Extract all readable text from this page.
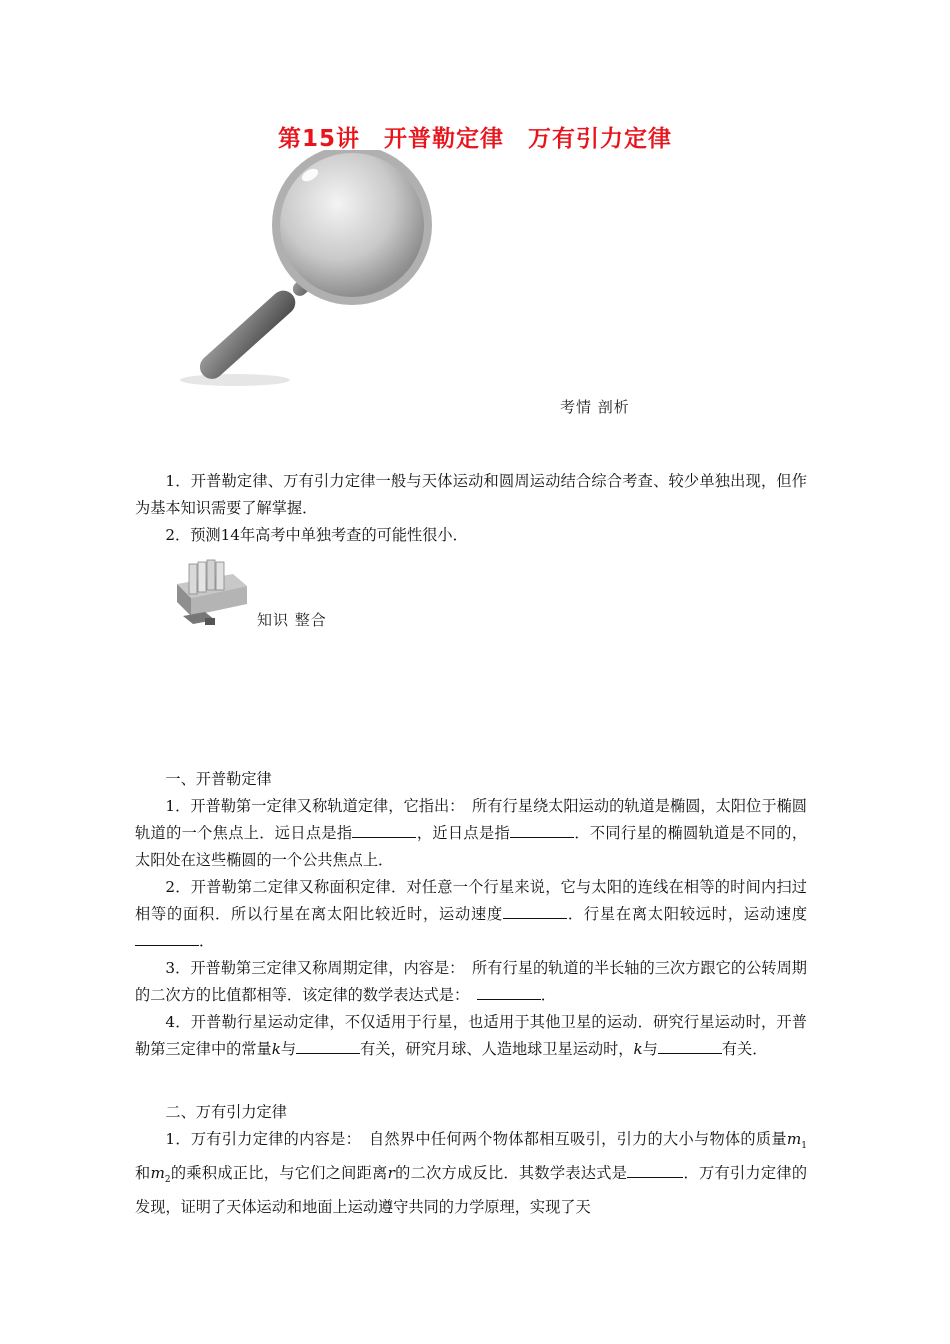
第15讲　开普勒定律　万有引力定律
考情 剖析

1．开普勒定律、万有引力定律一般与天体运动和圆周运动结合综合考查、较少单独出现，但作为基本知识需要了解掌握．

2．预测14年高考中单独考查的可能性很小．

知识 整合

一、开普勒定律

1．开普勒第一定律又称轨道定律，它指出：　所有行星绕太阳运动的轨道是椭圆，太阳位于椭圆轨道的一个焦点上．远日点是指	，近日点是指	．不同行星的椭圆轨道是不同的，太阳处在这些椭圆的一个公共焦点上．

2．开普勒第二定律又称面积定律．对任意一个行星来说，它与太阳的连线在相等的时间内扫过相等的面积．所以行星在离太阳比较近时，运动速度	．行星在离太阳较远时，运动速度．

3．开普勒第三定律又称周期定律，内容是：　所有行星的轨道的半长轴的三次方跟它的公转周期的二次方的比值都相等．该定律的数学表达式是：　	．

4．开普勒行星运动定律，不仅适用于行星，也适用于其他卫星的运动．研究行星运动时，开普勒第三定律中的常量k与	有关，研究月球、人造地球卫星运动时，k与	有关．

二、万有引力定律

1．万有引力定律的内容是：　自然界中任何两个物体都相互吸引，引力的大小与物体的质量$m_1$和$m_2$的乘积成正比，与它们之间距离r的二次方成反比．其数学表达式是	．万有引力定律的发现，证明了天体运动和地面上运动遵守共同的力学原理，实现了天
